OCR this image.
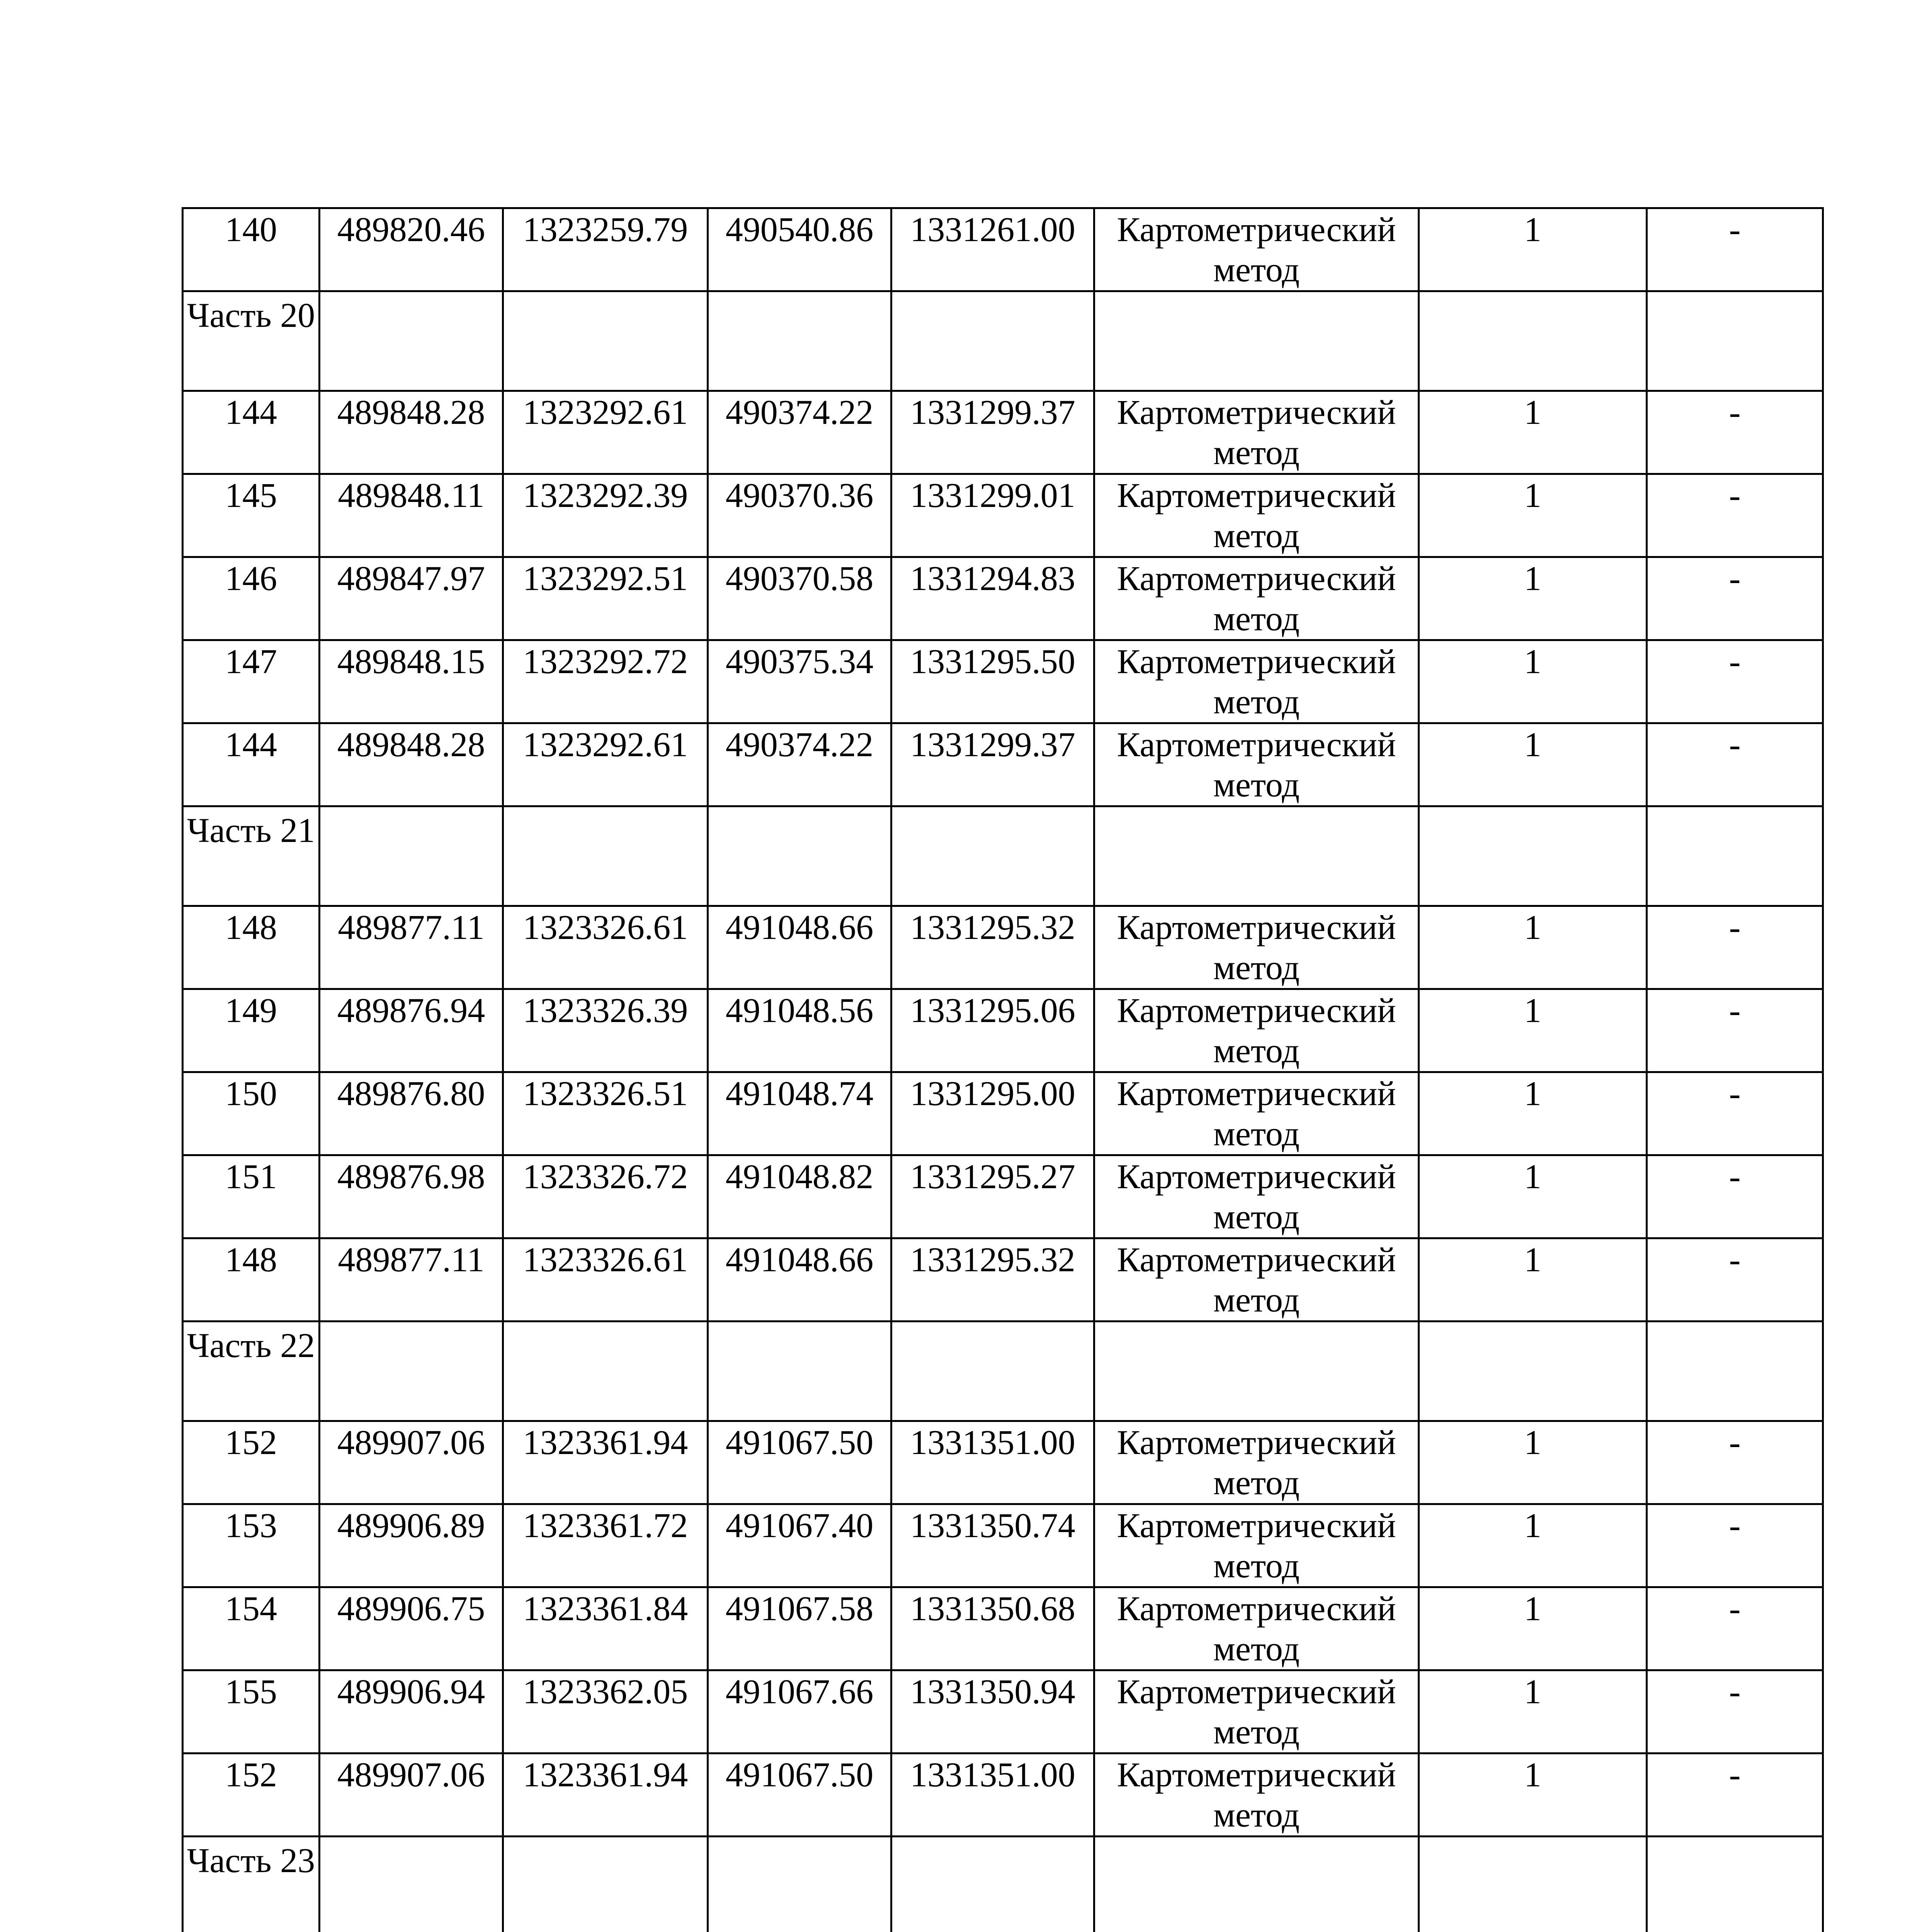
140	489820.46	1323259.79	490540.86	1331261.00	Картометрический
метод	1	-
Часть 20							
144	489848.28	1323292.61	490374.22	1331299.37	Картометрический
метод	1	-
145	489848.11	1323292.39	490370.36	1331299.01	Картометрический
метод	1	-
146	489847.97	1323292.51	490370.58	1331294.83	Картометрический
метод	1	-
147	489848.15	1323292.72	490375.34	1331295.50	Картометрический
метод	1	-
144	489848.28	1323292.61	490374.22	1331299.37	Картометрический
метод	1	-
Часть 21							
148	489877.11	1323326.61	491048.66	1331295.32	Картометрический
метод	1	-
149	489876.94	1323326.39	491048.56	1331295.06	Картометрический
метод	1	-
150	489876.80	1323326.51	491048.74	1331295.00	Картометрический
метод	1	-
151	489876.98	1323326.72	491048.82	1331295.27	Картометрический
метод	1	-
148	489877.11	1323326.61	491048.66	1331295.32	Картометрический
метод	1	-
Часть 22							
152	489907.06	1323361.94	491067.50	1331351.00	Картометрический
метод	1	-
153	489906.89	1323361.72	491067.40	1331350.74	Картометрический
метод	1	-
154	489906.75	1323361.84	491067.58	1331350.68	Картометрический
метод	1	-
155	489906.94	1323362.05	491067.66	1331350.94	Картометрический
метод	1	-
152	489907.06	1323361.94	491067.50	1331351.00	Картометрический
метод	1	-
Часть 23							
